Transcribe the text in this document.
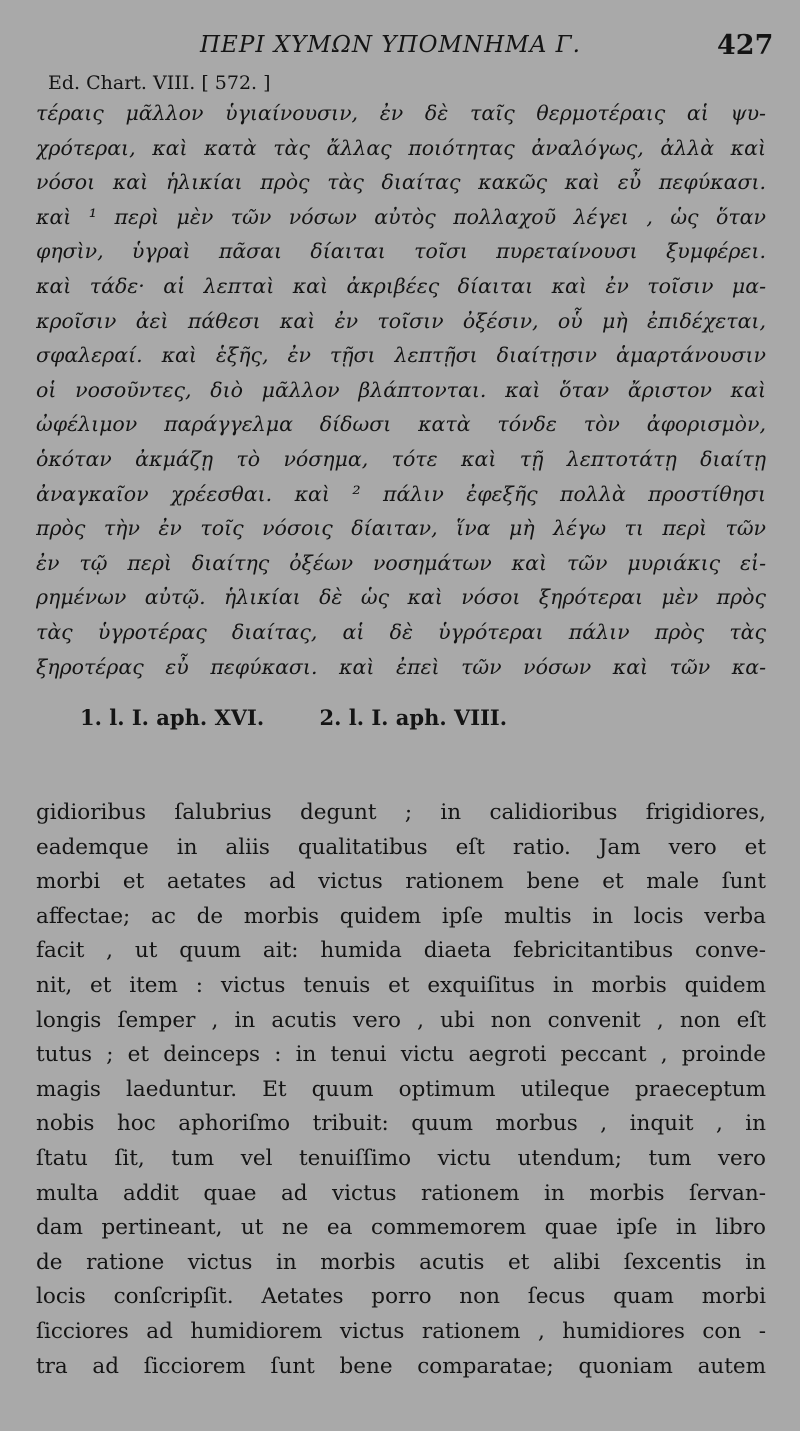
ΠΕΡΙ ΧΥΜΩΝ ΥΠΟΜΝΗΜΑ Γ.	427
Ed. Chart. VIII. [ 572. ]
τέραις μᾶλλον ὑγιαίνουσιν, ἐν δὲ ταῖς θερμοτέραις αἱ ψυ-
χρότεραι, καὶ κατὰ τὰς ἄλλας ποιότητας ἀναλόγως, ἀλλὰ καὶ
νόσοι καὶ ἡλικίαι πρὸς τὰς διαίτας κακῶς καὶ εὖ πεφύκασι.
καὶ ¹ περὶ μὲν τῶν νόσων αὐτὸς πολλαχοῦ λέγει , ὡς ὅταν
φησὶν, ὑγραὶ πᾶσαι δίαιται τοῖσι πυρεταίνουσι ξυμφέρει.
καὶ τάδε· αἱ λεπταὶ καὶ ἀκριβέες δίαιται καὶ ἐν τοῖσιν μα-
κροῖσιν ἀεὶ πάθεσι καὶ ἐν τοῖσιν ὀξέσιν, οὗ μὴ ἐπιδέχεται,
σφαλεραί. καὶ ἑξῆς, ἐν τῇσι λεπτῇσι διαίτῃσιν ἁμαρτάνουσιν
οἱ νοσοῦντες, διὸ μᾶλλον βλάπτονται. καὶ ὅταν ἄριστον καὶ
ὠφέλιμον παράγγελμα δίδωσι κατὰ τόνδε τὸν ἀφορισμὸν,
ὁκόταν ἀκμάζῃ τὸ νόσημα, τότε καὶ τῇ λεπτοτάτῃ διαίτῃ
ἀναγκαῖον χρέεσθαι. καὶ ² πάλιν ἐφεξῆς πολλὰ προστίθησι
πρὸς τὴν ἐν τοῖς νόσοις δίαιταν, ἵνα μὴ λέγω τι περὶ τῶν
ἐν τῷ περὶ διαίτης ὀξέων νοσημάτων καὶ τῶν μυριάκις εἰ-
ρημένων αὐτῷ. ἡλικίαι δὲ ὡς καὶ νόσοι ξηρότεραι μὲν πρὸς
τὰς ὑγροτέρας διαίτας, αἱ δὲ ὑγρότεραι πάλιν πρὸς τὰς
ξηροτέρας εὖ πεφύκασι. καὶ ἐπεὶ τῶν νόσων καὶ τῶν κα-
1. l. I. aph. XVI.	2. l. I. aph. VIII.
gidioribus ſalubrius degunt ; in calidioribus frigidiores,
eademque in aliis qualitatibus eſt ratio. Jam vero et
morbi et aetates ad victus rationem bene et male ſunt
affectae; ac de morbis quidem ipſe multis in locis verba
facit , ut quum ait: humida diaeta febricitantibus conve-
nit, et item : victus tenuis et exquiſitus in morbis quidem
longis ſemper , in acutis vero , ubi non convenit , non eſt
tutus ; et deinceps : in tenui victu aegroti peccant , proinde
magis laeduntur. Et quum optimum utileque praeceptum
nobis hoc aphoriſmo tribuit: quum morbus , inquit , in
ſtatu ſit, tum vel tenuiſſimo victu utendum; tum vero
multa addit quae ad victus rationem in morbis ſervan-
dam pertineant, ut ne ea commemorem quae ipſe in libro
de ratione victus in morbis acutis et alibi ſexcentis in
locis conſcripſit. Aetates porro non ſecus quam morbi
ſicciores ad humidiorem victus rationem , humidiores con -
tra ad ſicciorem ſunt bene comparatae; quoniam autem
